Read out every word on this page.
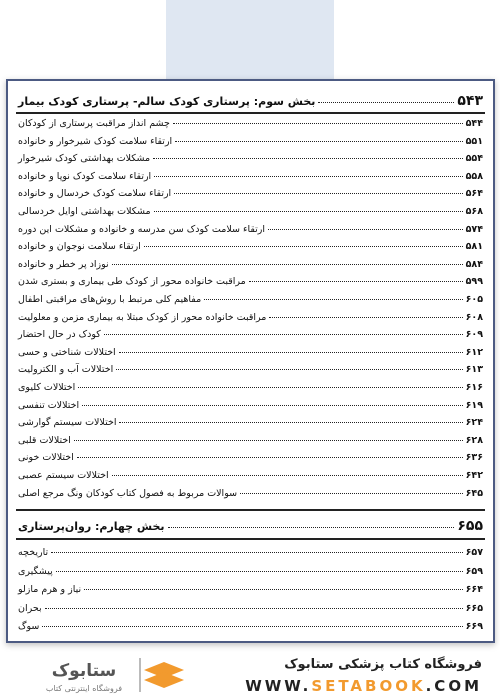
بخش سوم: پرستاری کودک سالم- پرستاری کودک بیمار	۵۴۳
چشم انداز مراقبت پرستاری از کودکان	۵۴۴
ارتقاء سلامت کودک شیرخوار و خانواده	۵۵۱
مشکلات بهداشتی کودک شیرخوار	۵۵۴
ارتقاء سلامت کودک نوپا و خانواده	۵۵۸
ارتقاء سلامت کودک خردسال و خانواده	۵۶۴
مشکلات بهداشتی اوایل خردسالی	۵۶۸
ارتقاء سلامت کودک سن مدرسه و خانواده و مشکلات این دوره	۵۷۴
ارتقاء سلامت نوجوان و خانواده	۵۸۱
نوزاد پر خطر و خانواده	۵۸۴
مراقبت خانواده محور از کودک طی بیماری و بستری شدن	۵۹۹
مفاهیم کلی مرتبط با روش‌های مراقبتی اطفال	۶۰۵
مراقبت خانواده محور از کودک مبتلا به بیماری مزمن و معلولیت	۶۰۸
کودک در حال احتضار	۶۰۹
اختلالات شناختی و حسی	۶۱۲
اختلالات آب و الکترولیت	۶۱۳
اختلالات کلیوی	۶۱۶
اختلالات تنفسی	۶۱۹
اختلالات سیستم گوارشی	۶۲۴
اختلالات قلبی	۶۲۸
اختلالات خونی	۶۳۶
اختلالات سیستم عصبی	۶۴۲
سوالات مربوط به فصول کتاب کودکان ونگ مرجع اصلی	۶۴۵
بخش چهارم: روان‌پرستاری	۶۵۵
تاریخچه	۶۵۷
پیشگیری	۶۵۹
نیاز و هرم مازلو	۶۶۴
بحران	۶۶۵
سوگ	۶۶۹
ستابوک
فروشگاه اینترنتی کتاب
فروشگاه کتاب پزشکی ستابوک
WWW.SETABOOK.COM
